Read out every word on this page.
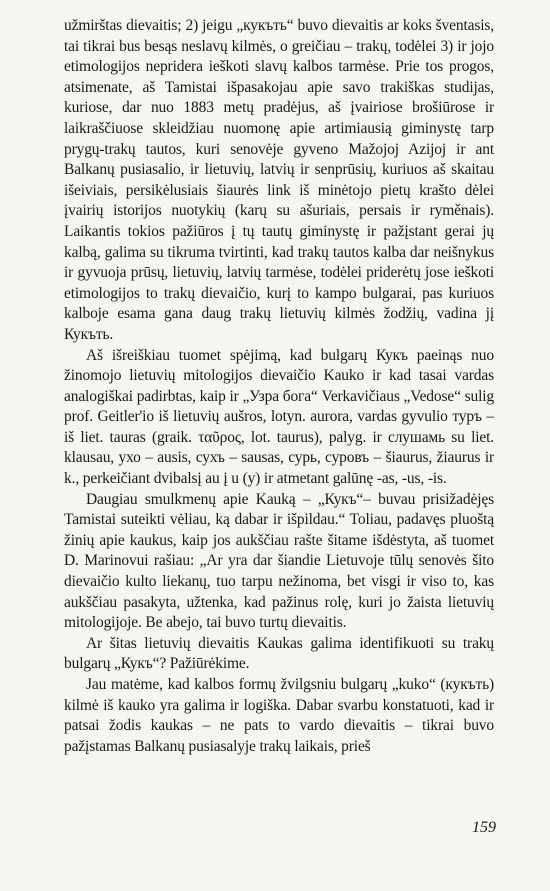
užmirštas dievaitis; 2) jeigu „кукъть“ buvo dievaitis ar koks šventasis, tai tikrai bus besąs neslavų kilmės, o greičiau – trakų, todėlei 3) ir jojo etimologijos nepridera ieškoti slavų kalbos tarmėse. Prie tos progos, atsimenate, aš Tamistai išpasakojau apie savo trakiškas studijas, kuriose, dar nuo 1883 metų pradėjus, aš įvairiose brošiūrose ir laikraščiuose skleidžiau nuomonę apie artimiausią giminystę tarp prygų-trakų tautos, kuri senovėje gyveno Mažojoj Azijoj ir ant Balkanų pusiasalio, ir lietuvių, latvių ir senprūsių, kuriuos aš skaitau išeiviais, persikėlusiais šiaurės link iš minėtojo pietų krašto dėlei įvairių istorijos nuotykių (karų su ašuriais, persais ir ryměnais). Laikantis tokios pažiūros į tų tautų giminystę ir pažįstant gerai jų kalbą, galima su tikruma tvirtinti, kad trakų tautos kalba dar neišnykus ir gyvuoja prūsų, lietuvių, latvių tarmėse, todėlei priderėtų jose ieškoti etimologijos to trakų dievaičio, kurį to kampo bulgarai, pas kuriuos kalboje esama gana daug trakų lietuvių kilmės žodžių, vadina jį Кукъть.

Aš išreiškiau tuomet spėjimą, kad bulgarų Кукъ paeinąs nuo žinomojo lietuvių mitologijos dievaičio Kauko ir kad tasai vardas analogiškai padirbtas, kaip ir „Узра бога“ Verkavičiaus „Vedose“ sulig prof. Geitler'io iš lietuvių aušros, lotyn. aurora, vardas gyvulio туръ – iš liet. tauras (graik. ταῦρος, lot. taurus), palyg. ir слушамь su liet. klausau, ухо – ausis, сухъ – sausas, сурь, суровъ – šiaurus, žiaurus ir k., perkeičiant dvibalsį au į u (y) ir atmetant galūnę -as, -us, -is.

Daugiau smulkmenų apie Kauką – „Кукъ“– buvau prisižadėjęs Tamistai suteikti vėliau, ką dabar ir išpildau.“ Toliau, padavęs pluoštą žinių apie kaukus, kaip jos aukščiau rašte šitame išdėstyta, aš tuomet D. Marinovui rašiau: „Ar yra dar šiandie Lietuvoje tūlų senovės šito dievaičio kulto liekanų, tuo tarpu nežinoma, bet visgi ir viso to, kas aukščiau pasakyta, užtenka, kad pažinus rolę, kuri jo žaista lietuvių mitologijoje. Be abejo, tai buvo turtų dievaitis.

Ar šitas lietuvių dievaitis Kaukas galima identifikuoti su trakų bulgarų „Кукъ“? Pažiūrėkime.

Jau matėme, kad kalbos formų žvilgsniu bulgarų „kuko“ (кукъть) kilmė iš kauko yra galima ir logiška. Dabar svarbu konstatuoti, kad ir patsai žodis kaukas – ne pats to vardo dievaitis – tikrai buvo pažįstamas Balkanų pusiasalyje trakų laikais, prieš

159
